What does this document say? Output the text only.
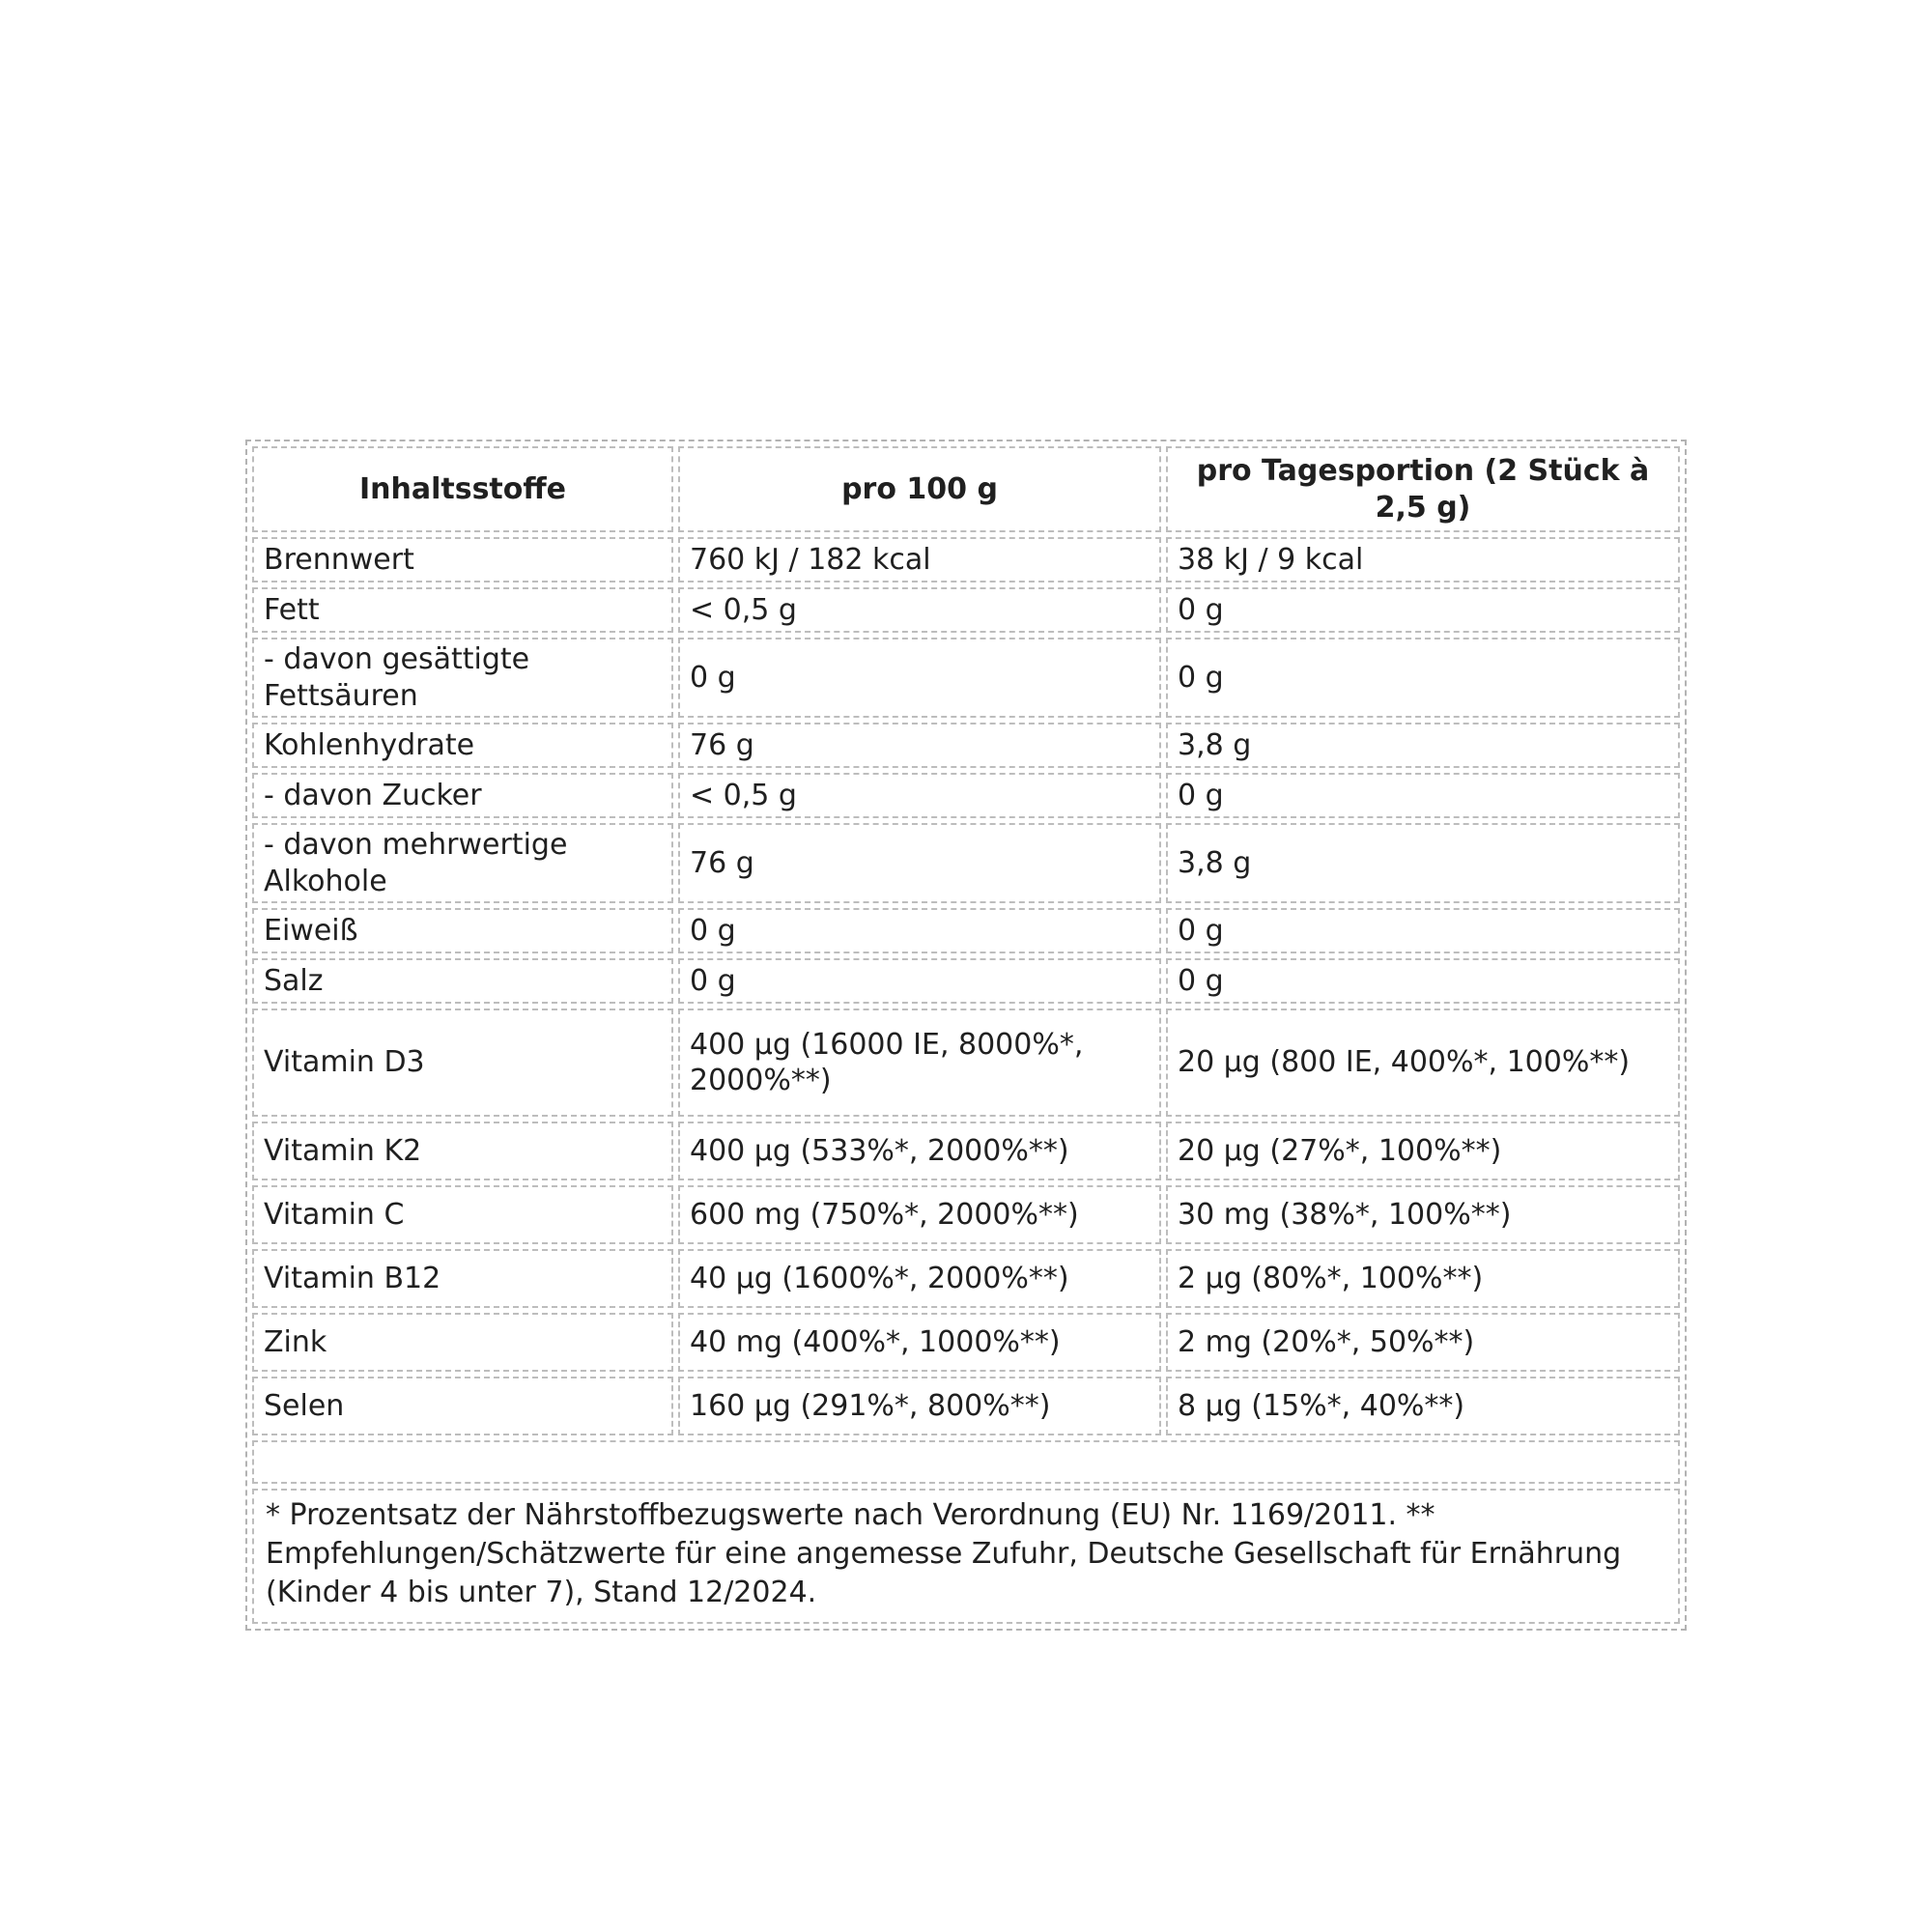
Inhaltsstoffe	pro 100 g	pro Tagesportion (2 Stück à 2,5 g)
Brennwert	760 kJ / 182 kcal	38 kJ / 9 kcal
Fett	< 0,5 g	0 g
- davon gesättigte Fettsäuren	0 g	0 g
Kohlenhydrate	76 g	3,8 g
- davon Zucker	< 0,5 g	0 g
- davon mehrwertige Alkohole	76 g	3,8 g
Eiweiß	0 g	0 g
Salz	0 g	0 g
Vitamin D3	400 µg (16000 IE, 8000%*, 2000%**)	20 µg (800 IE, 400%*, 100%**)
Vitamin K2	400 µg (533%*, 2000%**)	20 µg (27%*, 100%**)
Vitamin C	600 mg (750%*, 2000%**)	30 mg (38%*, 100%**)
Vitamin B12	40 µg (1600%*, 2000%**)	2 µg (80%*, 100%**)
Zink	40 mg (400%*, 1000%**)	2 mg (20%*, 50%**)
Selen	160 µg (291%*, 800%**)	8 µg (15%*, 40%**)

* Prozentsatz der Nährstoffbezugswerte nach Verordnung (EU) Nr. 1169/2011. **
Empfehlungen/Schätzwerte für eine angemesse Zufuhr, Deutsche Gesellschaft für Ernährung
(Kinder 4 bis unter 7), Stand 12/2024.		
